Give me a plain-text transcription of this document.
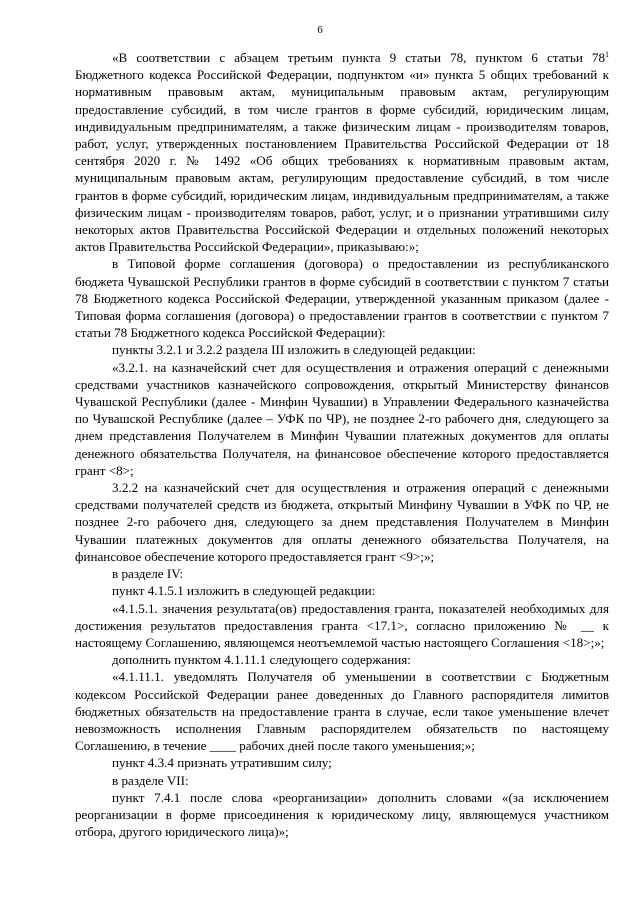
6

«В соответствии с абзацем третьим пункта 9 статьи 78, пунктом 6 статьи $78^1$ Бюджетного кодекса Российской Федерации, подпунктом «и» пункта 5 общих требований к нормативным правовым актам, муниципальным правовым актам, регулирующим предоставление субсидий, в том числе грантов в форме субсидий, юридическим лицам, индивидуальным предпринимателям, а также физическим лицам - производителям товаров, работ, услуг, утвержденных постановлением Правительства Российской Федерации от 18 сентября 2020 г. № 1492 «Об общих требованиях к нормативным правовым актам, муниципальным правовым актам, регулирующим предоставление субсидий, в том числе грантов в форме субсидий, юридическим лицам, индивидуальным предпринимателям, а также физическим лицам - производителям товаров, работ, услуг, и о признании утратившими силу некоторых актов Правительства Российской Федерации и отдельных положений некоторых актов Правительства Российской Федерации», приказываю:»;

в Типовой форме соглашения (договора) о предоставлении из республиканского бюджета Чувашской Республики грантов в форме субсидий в соответствии с пунктом 7 статьи 78 Бюджетного кодекса Российской Федерации, утвержденной указанным приказом (далее - Типовая форма соглашения (договора) о предоставлении грантов в соответствии с пунктом 7 статьи 78 Бюджетного кодекса Российской Федерации):

пункты 3.2.1 и 3.2.2 раздела III изложить в следующей редакции:

«3.2.1. на казначейский счет для осуществления и отражения операций с денежными средствами участников казначейского сопровождения, открытый Министерству финансов Чувашской Республики (далее - Минфин Чувашии) в Управлении Федерального казначейства по Чувашской Республике (далее – УФК по ЧР), не позднее 2-го рабочего дня, следующего за днем представления Получателем в Минфин Чувашии платежных документов для оплаты денежного обязательства Получателя, на финансовое обеспечение которого предоставляется грант <8>;

3.2.2 на казначейский счет для осуществления и отражения операций с денежными средствами получателей средств из бюджета, открытый Минфину Чувашии в УФК по ЧР, не позднее 2-го рабочего дня, следующего за днем представления Получателем в Минфин Чувашии платежных документов для оплаты денежного обязательства Получателя, на финансовое обеспечение которого предоставляется грант <9>;»;

в разделе IV:

пункт 4.1.5.1 изложить в следующей редакции:

«4.1.5.1. значения результата(ов) предоставления гранта, показателей необходимых для достижения результатов предоставления гранта <17.1>, согласно приложению № __ к настоящему Соглашению, являющемся неотъемлемой частью настоящего Соглашения <18>;»;

дополнить пунктом 4.1.11.1 следующего содержания:

«4.1.11.1. уведомлять Получателя об уменьшении в соответствии с Бюджетным кодексом Российской Федерации ранее доведенных до Главного распорядителя лимитов бюджетных обязательств на предоставление гранта в случае, если такое уменьшение влечет невозможность исполнения Главным распорядителем обязательств по настоящему Соглашению, в течение ____ рабочих дней после такого уменьшения;»;

пункт 4.3.4 признать утратившим силу;

в разделе VII:

пункт 7.4.1 после слова «реорганизации» дополнить словами «(за исключением реорганизации в форме присоединения к юридическому лицу, являющемуся участником отбора, другого юридического лица)»;
